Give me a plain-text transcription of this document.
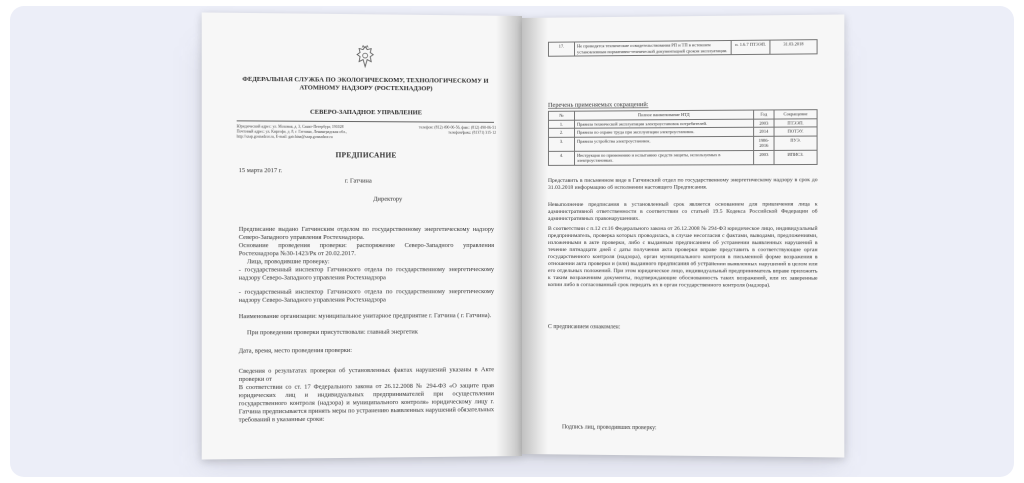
ФЕДЕРАЛЬНАЯ СЛУЖБА ПО ЭКОЛОГИЧЕСКОМУ, ТЕХНОЛОГИЧЕСКОМУ И АТОМНОМУ НАДЗОРУ (РОСТЕХНАДЗОР)
СЕВЕРО-ЗАПАДНОЕ УПРАВЛЕНИЕ
Юридический адрес: ул. Моховая, д. 3, Санкт-Петербург, 191028
Почтовый адрес: ул. Киргофа, д. 8, г. Гатчина, Ленинградская обл.,
http://szap.gosnadzor.ru, E-mail: gatchina@szap.gosnadzor.ru
телефон: (812) 490-06-56, факс: (812) 490-06-51
телефон/факс: (81371) 315-12
ПРЕДПИСАНИЕ
15 марта 2017 г.
г. Гатчина
Директору
Предписание выдано Гатчинским отделом по государственному энергетическому надзору Северо-Западного управления Ростехнадзора.
Основание проведения проверки: распоряжение Северо-Западного управления Ростехнадзора №30-1423/Рк от 20.02.2017.
Лица, проводившие проверку:
- государственный инспектор Гатчинского отдела по государственному энергетическому надзору Северо-Западного управления Ростехнадзора
- государственный инспектор Гатчинского отдела по государственному энергетическому надзору Северо-Западного управления Ростехнадзора
Наименование организации: муниципальное унитарное предприятие г. Гатчина ( г. Гатчина).
При проведении проверки присутствовали: главный энергетик
Дата, время, место проведения проверки:
Сведения о результатах проверки об установленных фактах нарушений указаны в Акте проверки от
В соответствии со ст. 17 Федерального закона от 26.12.2008 № 294-ФЗ «О защите прав юридических лиц и индивидуальных предпринимателей при осуществлении государственного контроля (надзора) и муниципального контроля» юридическому лицу г. Гатчина предписывается принять меры по устранению выявленных нарушений обязательных требований в указанные сроки:
17.	Не проводятся технические освидетельствования РП и ТП в истекшем установленным нормативно-технической документацией сроком эксплуатации.	п. 1.6.7 ПТЭЭП.	31.03.2018
Перечень применяемых сокращений:
№	Полное наименование НТД	Год	Сокращение
1.	Правила технической эксплуатации электроустановок потребителей.	2003	ПТЭЭП.
2.	Правила по охране труда при эксплуатации электроустановок.	2014	ПОТЭУ.
3.	Правила устройства электроустановок.	1986-2016	ПУЭ.
4.	Инструкция по применению и испытанию средств защиты, используемых в электроустановках.	2003	ИПИСЗ.
Представить в письменном виде в Гатчинский отдел по государственному энергетическому надзору в срок до 31.03.2018 информацию об исполнении настоящего Предписания.
Невыполнение предписания в установленный срок является основанием для привлечения лица к административной ответственности в соответствии со статьей 19.5 Кодекса Российской Федерации об административных правонарушениях.
В соответствии с п.12 ст.16 Федерального закона от 26.12.2008 № 294-ФЗ юридическое лицо, индивидуальный предприниматель, проверка которых проводилась, в случае несогласия с фактами, выводами, предложениями, изложенными в акте проверки, либо с выданным предписанием об устранении выявленных нарушений в течение пятнадцати дней с даты получения акта проверки вправе представить в соответствующие орган государственного контроля (надзора), орган муниципального контроля в письменной форме возражения в отношении акта проверки и (или) выданного предписания об устранении выявленных нарушений в целом или его отдельных положений. При этом юридическое лицо, индивидуальный предприниматель вправе приложить к таким возражениям документы, подтверждающие обоснованность таких возражений, или их заверенные копии либо в согласованный срок передать их в орган государственного контроля (надзора).
С предписанием ознакомлен:
Подпись лиц, проводивших проверку:
